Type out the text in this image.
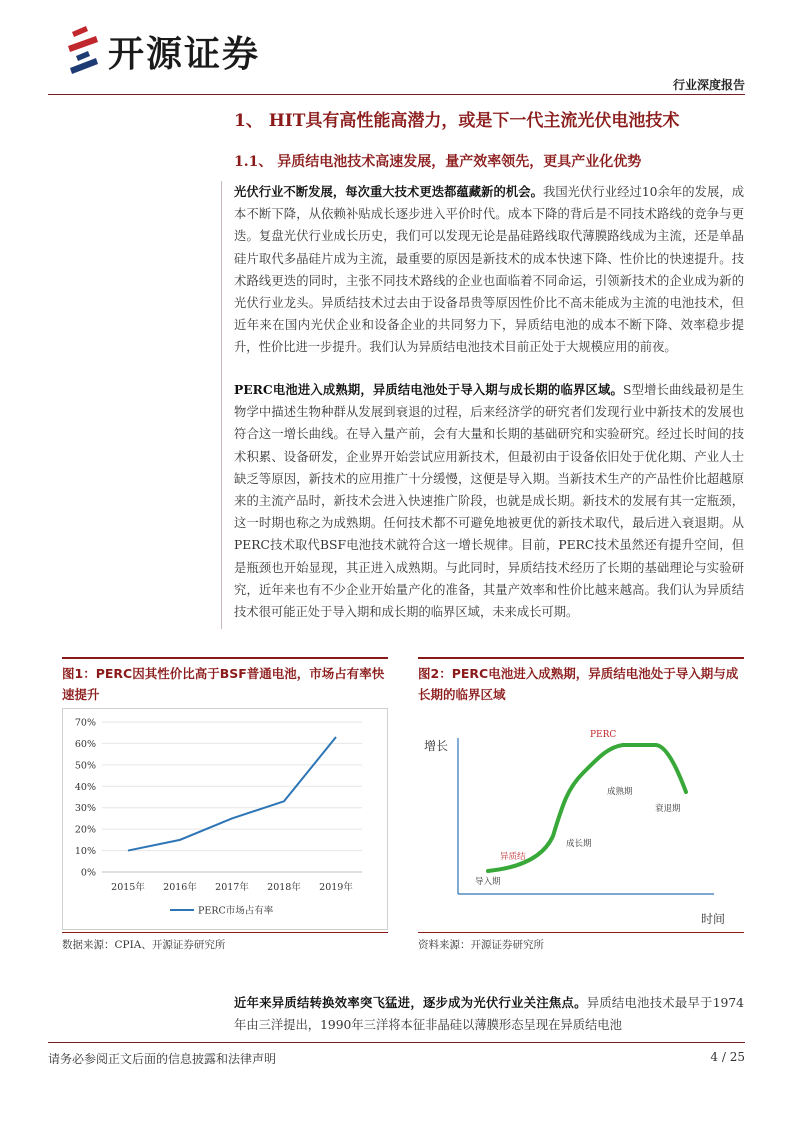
开源证券
行业深度报告
1、 HIT具有高性能高潜力，或是下一代主流光伏电池技术
1.1、 异质结电池技术高速发展，量产效率领先，更具产业化优势
光伏行业不断发展，每次重大技术更迭都蕴藏新的机会。我国光伏行业经过10余年的发展，成本不断下降，从依赖补贴成长逐步进入平价时代。成本下降的背后是不同技术路线的竞争与更迭。复盘光伏行业成长历史，我们可以发现无论是晶硅路线取代薄膜路线成为主流，还是单晶硅片取代多晶硅片成为主流，最重要的原因是新技术的成本快速下降、性价比的快速提升。技术路线更迭的同时，主张不同技术路线的企业也面临着不同命运，引领新技术的企业成为新的光伏行业龙头。异质结技术过去由于设备昂贵等原因性价比不高未能成为主流的电池技术，但近年来在国内光伏企业和设备企业的共同努力下，异质结电池的成本不断下降、效率稳步提升，性价比进一步提升。我们认为异质结电池技术目前正处于大规模应用的前夜。
PERC电池进入成熟期，异质结电池处于导入期与成长期的临界区域。S型增长曲线最初是生物学中描述生物种群从发展到衰退的过程，后来经济学的研究者们发现行业中新技术的发展也符合这一增长曲线。在导入量产前，会有大量和长期的基础研究和实验研究。经过长时间的技术积累、设备研发，企业界开始尝试应用新技术，但最初由于设备依旧处于优化期、产业人士缺乏等原因，新技术的应用推广十分缓慢，这便是导入期。当新技术生产的产品性价比超越原来的主流产品时，新技术会进入快速推广阶段，也就是成长期。新技术的发展有其一定瓶颈，这一时期也称之为成熟期。任何技术都不可避免地被更优的新技术取代，最后进入衰退期。从PERC技术取代BSF电池技术就符合这一增长规律。目前，PERC技术虽然还有提升空间，但是瓶颈也开始显现，其正进入成熟期。与此同时，异质结技术经历了长期的基础理论与实验研究，近年来也有不少企业开始量产化的准备，其量产效率和性价比越来越高。我们认为异质结技术很可能正处于导入期和成长期的临界区域，未来成长可期。
图1：PERC因其性价比高于BSF普通电池，市场占有率快速提升
0%
10%
20%
30%
40%
50%
60%
70%
2015年 2016年 2017年 2018年 2019年
PERC市场占有率
数据来源：CPIA、开源证券研究所
图2：PERC电池进入成熟期，异质结电池处于导入期与成长期的临界区域
增长
时间
异质结
导入期
成长期
PERC
成熟期
衰退期
资料来源：开源证券研究所
近年来异质结转换效率突飞猛进，逐步成为光伏行业关注焦点。异质结电池技术最早于1974年由三洋提出，1990年三洋将本征非晶硅以薄膜形态呈现在异质结电池
请务必参阅正文后面的信息披露和法律声明	4 / 25
